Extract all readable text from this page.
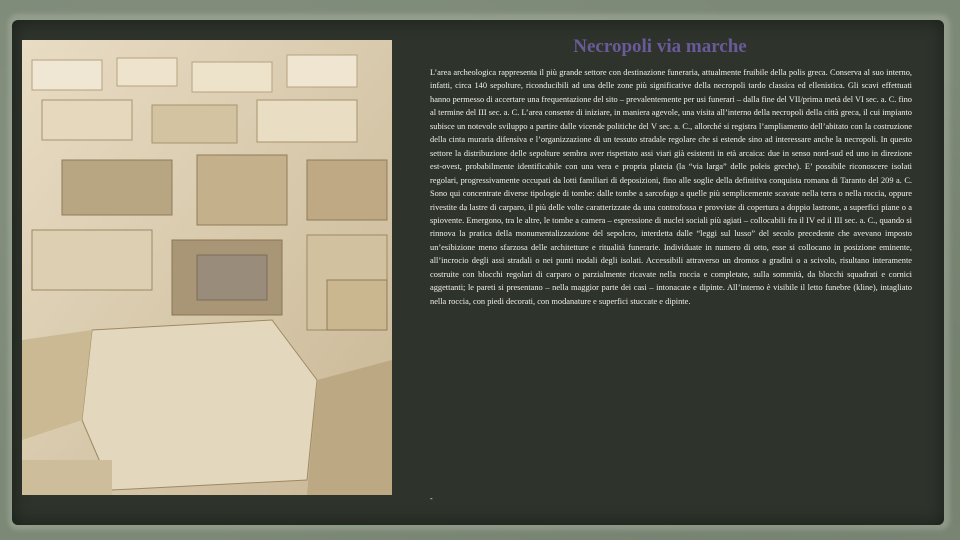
Necropoli via marche

L’area archeologica rappresenta il più grande settore con destinazione funeraria, attualmente fruibile della polis greca. Conserva al suo interno, infatti, circa 140 sepolture, riconducibili ad una delle zone più significative della necropoli tardo classica ed ellenistica. Gli scavi effettuati hanno permesso di accertare una frequentazione del sito – prevalentemente per usi funerari – dalla fine del VII/prima metà del VI sec. a. C. fino al termine del III sec. a. C. L’area consente di iniziare, in maniera agevole, una visita all’interno della necropoli della città greca, il cui impianto subisce un notevole sviluppo a partire dalle vicende politiche del V sec. a. C., allorché si registra l’ampliamento dell’abitato con la costruzione della cinta muraria difensiva e l’organizzazione di un tessuto stradale regolare che si estende sino ad interessare anche la necropoli. In questo settore la distribuzione delle sepolture sembra aver rispettato assi viari già esistenti in età arcaica: due in senso nord-sud ed uno in direzione est-ovest, probabilmente identificabile con una vera e propria plateia (la “via larga” delle poleis greche). E’ possibile riconoscere isolati regolari, progressivamente occupati da lotti familiari di deposizioni, fino alle soglie della definitiva conquista romana di Taranto del 209 a. C. Sono qui concentrate diverse tipologie di tombe: dalle tombe a sarcofago a quelle più semplicemente scavate nella terra o nella roccia, oppure rivestite da lastre di carparo, il più delle volte caratterizzate da una controfossa e provviste di copertura a doppio lastrone, a superfici piane o a spiovente. Emergono, tra le altre, le tombe a camera – espressione di nuclei sociali più agiati – collocabili fra il IV ed il III sec. a. C., quando si rinnova la pratica della monumentalizzazione del sepolcro, interdetta dalle “leggi sul lusso” del secolo precedente che avevano imposto un’esibizione meno sfarzosa delle architetture e ritualità funerarie. Individuate in numero di otto, esse si collocano in posizione eminente, all’incrocio degli assi stradali o nei punti nodali degli isolati. Accessibili attraverso un dromos a gradini o a scivolo, risultano interamente costruite con blocchi regolari di carparo o parzialmente ricavate nella roccia e completate, sulla sommità, da blocchi squadrati e cornici aggettanti; le pareti si presentano – nella maggior parte dei casi – intonacate e dipinte. All’interno è visibile il letto funebre (kline), intagliato nella roccia, con piedi decorati, con modanature e superfici stuccate e dipinte.

-
